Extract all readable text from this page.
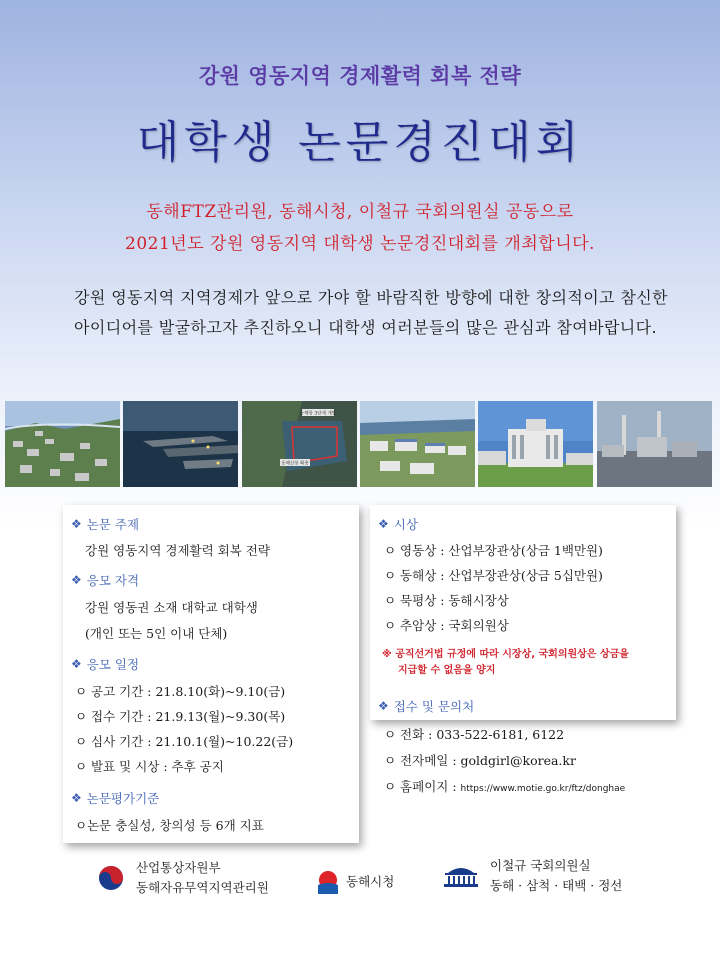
강원 영동지역 경제활력 회복 전략
대학생 논문경진대회
동해FTZ관리원, 동해시청, 이철규 국회의원실 공동으로
2021년도 강원 영동지역 대학생 논문경진대회를 개최합니다.
강원 영동지역 지역경제가 앞으로 가야 할 바람직한 방향에 대한 창의적이고 참신한 아이디어를 발굴하고자 추진하오니 대학생 여러분들의 많은 관심과 참여바랍니다.
동해항 3단계 개발
동해신항 확충
❖ 논문 주제
강원 영동지역 경제활력 회복 전략
❖ 응모 자격
강원 영동권 소재 대학교 대학생
(개인 또는 5인 이내 단체)
❖ 응모 일정
ㅇ 공고 기간 : 21.8.10(화)~9.10(금)
ㅇ 접수 기간 : 21.9.13(월)~9.30(목)
ㅇ 심사 기간 : 21.10.1(월)~10.22(금)
ㅇ 발표 및 시상 : 추후 공지
❖ 논문평가기준
ㅇ논문 충실성, 창의성 등 6개 지표
❖ 시상
ㅇ 영동상 : 산업부장관상(상금 1백만원)
ㅇ 동해상 : 산업부장관상(상금 5십만원)
ㅇ 묵평상 : 동해시장상
ㅇ 추암상 : 국회의원상
※ 공직선거법 규정에 따라 시장상, 국회의원상은 상금을
지급할 수 없음을 양지
❖ 접수 및 문의처
ㅇ 전화 : 033-522-6181, 6122
ㅇ 전자메일 : goldgirl@korea.kr
ㅇ 홈페이지 : https://www.motie.go.kr/ftz/donghae
산업통상자원부
동해자유무역지역관리원	동해시청
이철규 국회의원실
동해 · 삼척 · 태백 · 정선
